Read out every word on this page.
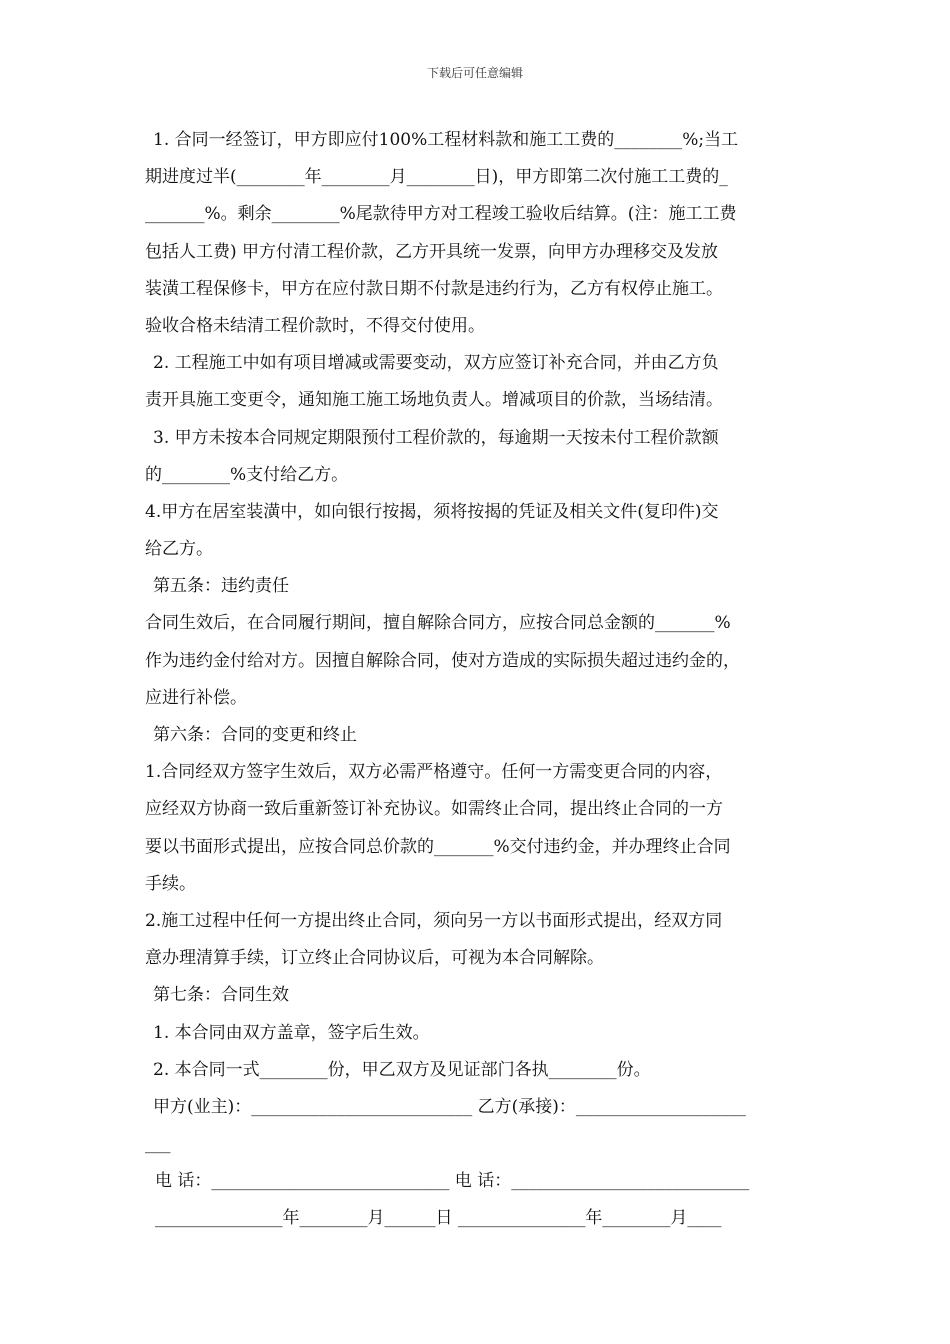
下载后可任意编辑
1. 合同一经签订，甲方即应付100%工程材料款和施工工费的________%;当工
期进度过半(________年________月________日)，甲方即第二次付施工工费的_
_______%。剩余________%尾款待甲方对工程竣工验收后结算。(注：施工工费
包括人工费) 甲方付清工程价款，乙方开具统一发票，向甲方办理移交及发放
装潢工程保修卡，甲方在应付款日期不付款是违约行为，乙方有权停止施工。
验收合格未结清工程价款时，不得交付使用。
2. 工程施工中如有项目增减或需要变动，双方应签订补充合同，并由乙方负
责开具施工变更令，通知施工施工场地负责人。增减项目的价款，当场结清。
3. 甲方未按本合同规定期限预付工程价款的，每逾期一天按未付工程价款额
的________%支付给乙方。
4.甲方在居室装潢中，如向银行按揭，须将按揭的凭证及相关文件(复印件)交
给乙方。
第五条：违约责任
合同生效后，在合同履行期间，擅自解除合同方，应按合同总金额的_______%
作为违约金付给对方。因擅自解除合同，使对方造成的实际损失超过违约金的，
应进行补偿。
第六条：合同的变更和终止
1.合同经双方签字生效后，双方必需严格遵守。任何一方需变更合同的内容，
应经双方协商一致后重新签订补充协议。如需终止合同，提出终止合同的一方
要以书面形式提出，应按合同总价款的_______%交付违约金，并办理终止合同
手续。
2.施工过程中任何一方提出终止合同，须向另一方以书面形式提出，经双方同
意办理清算手续，订立终止合同协议后，可视为本合同解除。
第七条：合同生效
1. 本合同由双方盖章，签字后生效。
2. 本合同一式________份，甲乙双方及见证部门各执________份。
甲方(业主)：__________________________ 乙方(承接)：____________________
___
电 话：____________________________ 电 话：____________________________
_______________年________月______日 _______________年________月____
